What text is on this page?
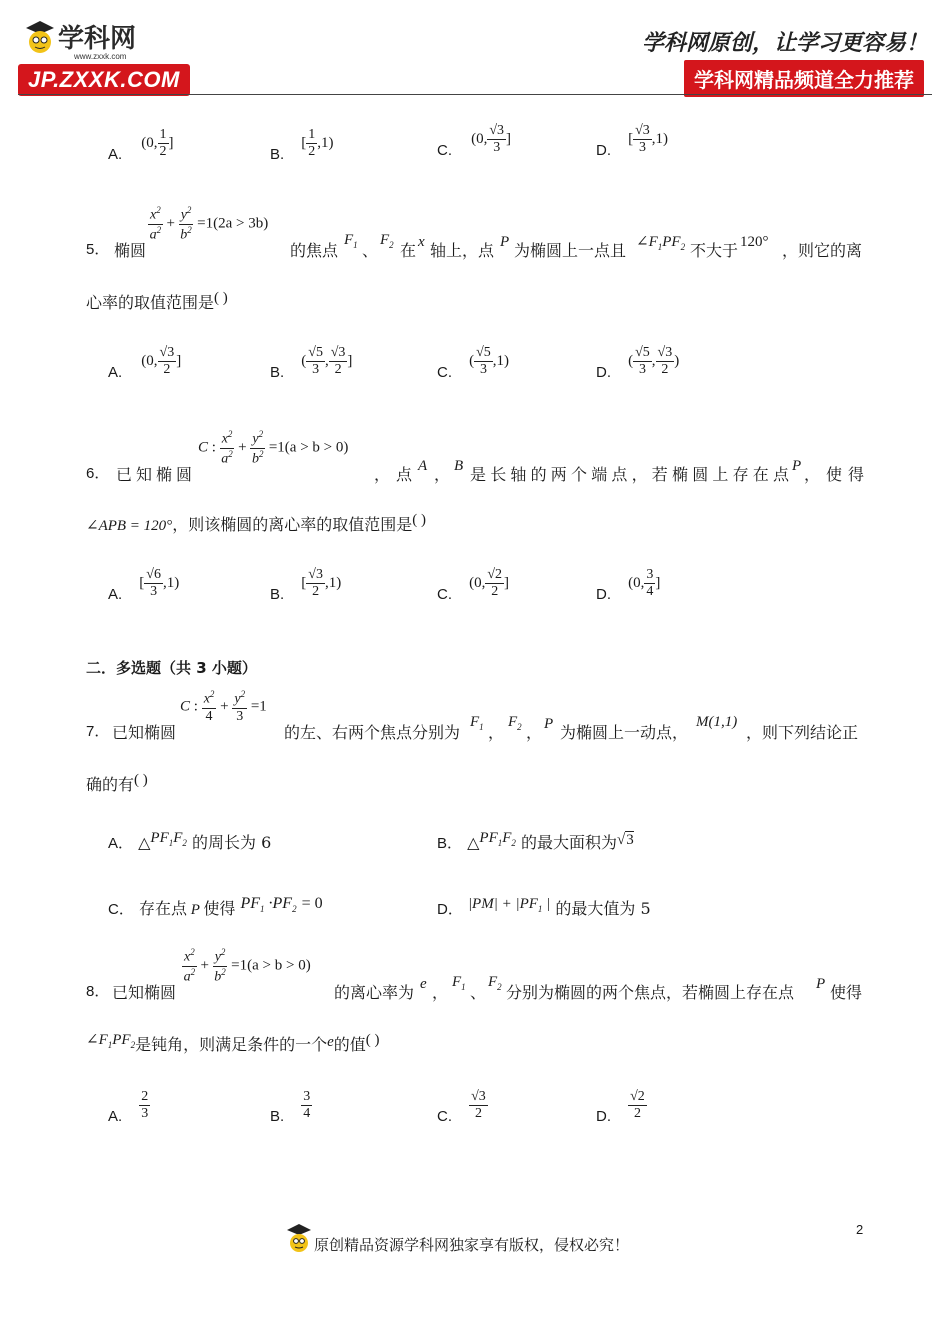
学科网
www.zxxk.com
JP.ZXXK.COM
学科网原创，让学习更容易！
学科网精品频道全力推荐
A. (0, $\frac{1}{2}$ ]
B. [ $\frac{1}{2} ,1$)	C. (0, $\frac{√3}{3}$ ]
D. [ $\frac{√3}{3} ,1$)
5． 椭圆
$\frac{x^2}{a^2} + \frac{y^2}{b^2} =1(2a > 3b)$
的焦点
$F_1$ 、
$F_2$ 在 x 轴上，点 P 为椭圆上一点且 $\angle F_1PF_2$ 不大于 120° ，则它的离
心率的取值范围是( )
A. (0, $\frac{√3}{2}$ ]
B. ( $\frac{√5}{3}$ , $\frac{√3}{2}$ ]
C. ( $\frac{√5}{3} ,1$)
D. ( $\frac{√5}{3}$ , $\frac{√3}{2}$ )
6． 已知椭圆
C : $\frac{x^2}{a^2} + \frac{y^2}{b^2} =1(a > b > 0)$
，点 A ， B 是长轴的两个端点，若椭圆上存在点
P ，使得
∠APB = 120°，则该椭圆的离心率的取值范围是( )
A. [ $\frac{√6}{3} ,1$)
B. [ $\frac{√3}{2} ,1$)
C. (0, $\frac{√2}{2}$ ]
D. (0, $\frac{3}{4}$ ]
二．多选题（共 3 小题）
7． 已知椭圆
C : $\frac{x^2}{4} + \frac{y^2}{3} =1$
的左、右两个焦点分别为
$F_1$ ，
$F_2$ ， P 为椭圆上一动点，
M(1,1)
，则下列结论正
确的有( )
A． $\triangle PF_1F_2$ 的周长为 6	B． $\triangle PF_1F_2$ 的最大面积为√3
C． 存在点 P 使得 $PF_1 \cdot PF_2 = 0$	D． $|PM| + |PF_1$ | 的最大值为 5
8． 已知椭圆
$\frac{x^2}{a^2} + \frac{y^2}{b^2} =1(a > b > 0)$
的离心率为 e ，
$F_1$ 、
$F_2$ 分别为椭圆的两个焦点，若椭圆上存在点 P 使得
$\angle F_1PF_2$是钝角，则满足条件的一个e的值( )
A. $\frac{2}{3}$	B. $\frac{3}{4}$	C. $\frac{√3}{2}$	D. $\frac{√2}{2}$
原创精品资源学科网独家享有版权，侵权必究！
2
